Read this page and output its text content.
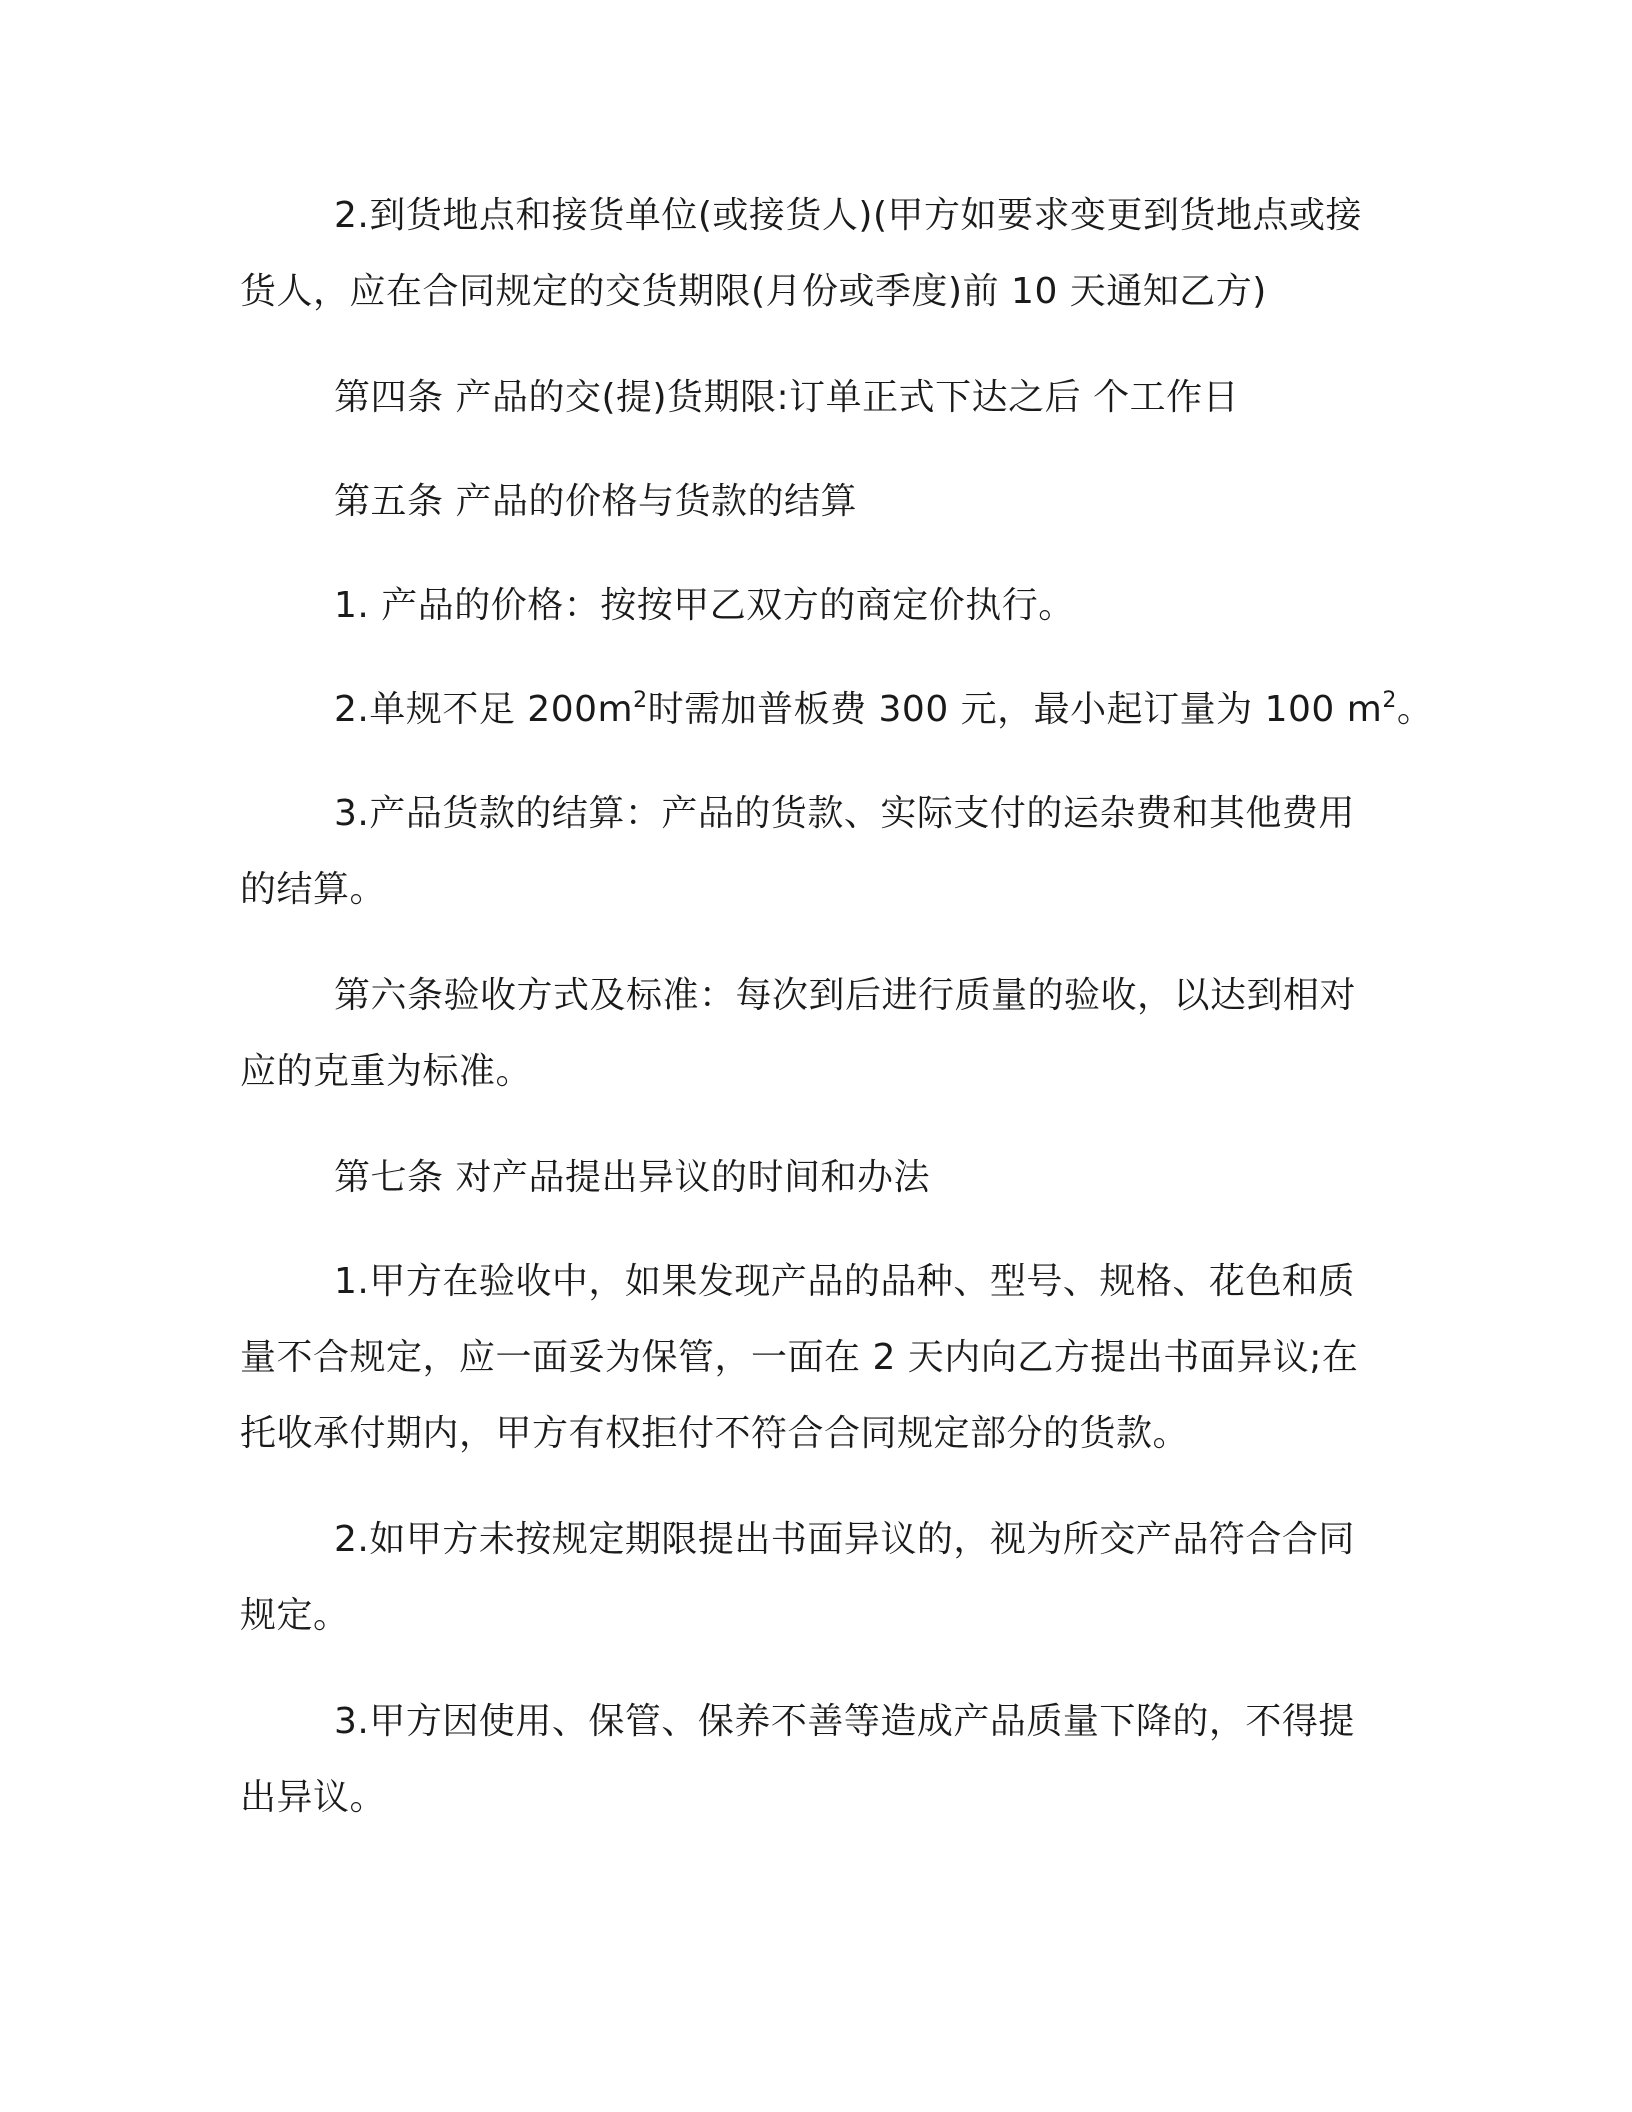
2.到货地点和接货单位(或接货人)(甲方如要求变更到货地点或接
货人，应在合同规定的交货期限(月份或季度)前 10 天通知乙方)
第四条 产品的交(提)货期限:订单正式下达之后 个工作日
第五条 产品的价格与货款的结算
1. 产品的价格：按按甲乙双方的商定价执行。
2.单规不足 $200m^2$时需加普板费 300 元，最小起订量为 100 $m^2$。
3.产品货款的结算：产品的货款、实际支付的运杂费和其他费用
的结算。
第六条验收方式及标准：每次到后进行质量的验收，以达到相对
应的克重为标准。
第七条 对产品提出异议的时间和办法
1.甲方在验收中，如果发现产品的品种、型号、规格、花色和质
量不合规定，应一面妥为保管，一面在 2 天内向乙方提出书面异议;在
托收承付期内，甲方有权拒付不符合合同规定部分的货款。
2.如甲方未按规定期限提出书面异议的，视为所交产品符合合同
规定。
3.甲方因使用、保管、保养不善等造成产品质量下降的，不得提
出异议。
